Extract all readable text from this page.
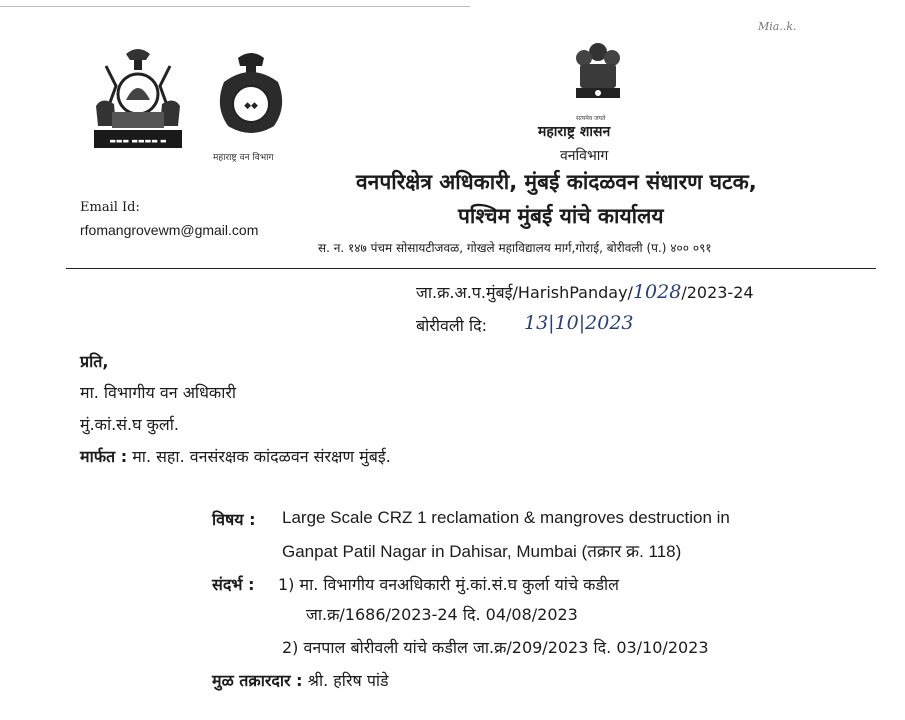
Mia..k.
▬▬▬ ▬▬▬▬ ▬
◆◆
महाराष्ट्र वन विभाग
सत्यमेव जयते
महाराष्ट्र शासन
वनविभाग
वनपरिक्षेत्र अधिकारी, मुंबई कांदळवन संधारण घटक,
पश्चिम मुंबई यांचे कार्यालय
स. न. १४७ पंचम सोसायटीजवळ, गोखले महाविद्यालय मार्ग,गोराई, बोरीवली (प.) ४०० ०९१
Email Id:
rfomangrovewm@gmail.com
जा.क्र.अ.प.मुंबई/HarishPanday/1028/2023-24
बोरीवली दि: 13|10|2023
प्रति,
मा. विभागीय वन अधिकारी
मुं.कां.सं.घ कुर्ला.
मार्फत : मा. सहा. वनसंरक्षक कांदळवन संरक्षण मुंबई.
विषय : Large Scale CRZ 1 reclamation & mangroves destruction in
Ganpat Patil Nagar in Dahisar, Mumbai (तक्रार क्र. 118)
संदर्भ : 1) मा. विभागीय वनअधिकारी मुं.कां.सं.घ कुर्ला यांचे कडील
जा.क्र/1686/2023-24 दि. 04/08/2023
2) वनपाल बोरीवली यांचे कडील जा.क्र/209/2023 दि. 03/10/2023
मुळ तक्रारदार : श्री. हरिष पांडे
